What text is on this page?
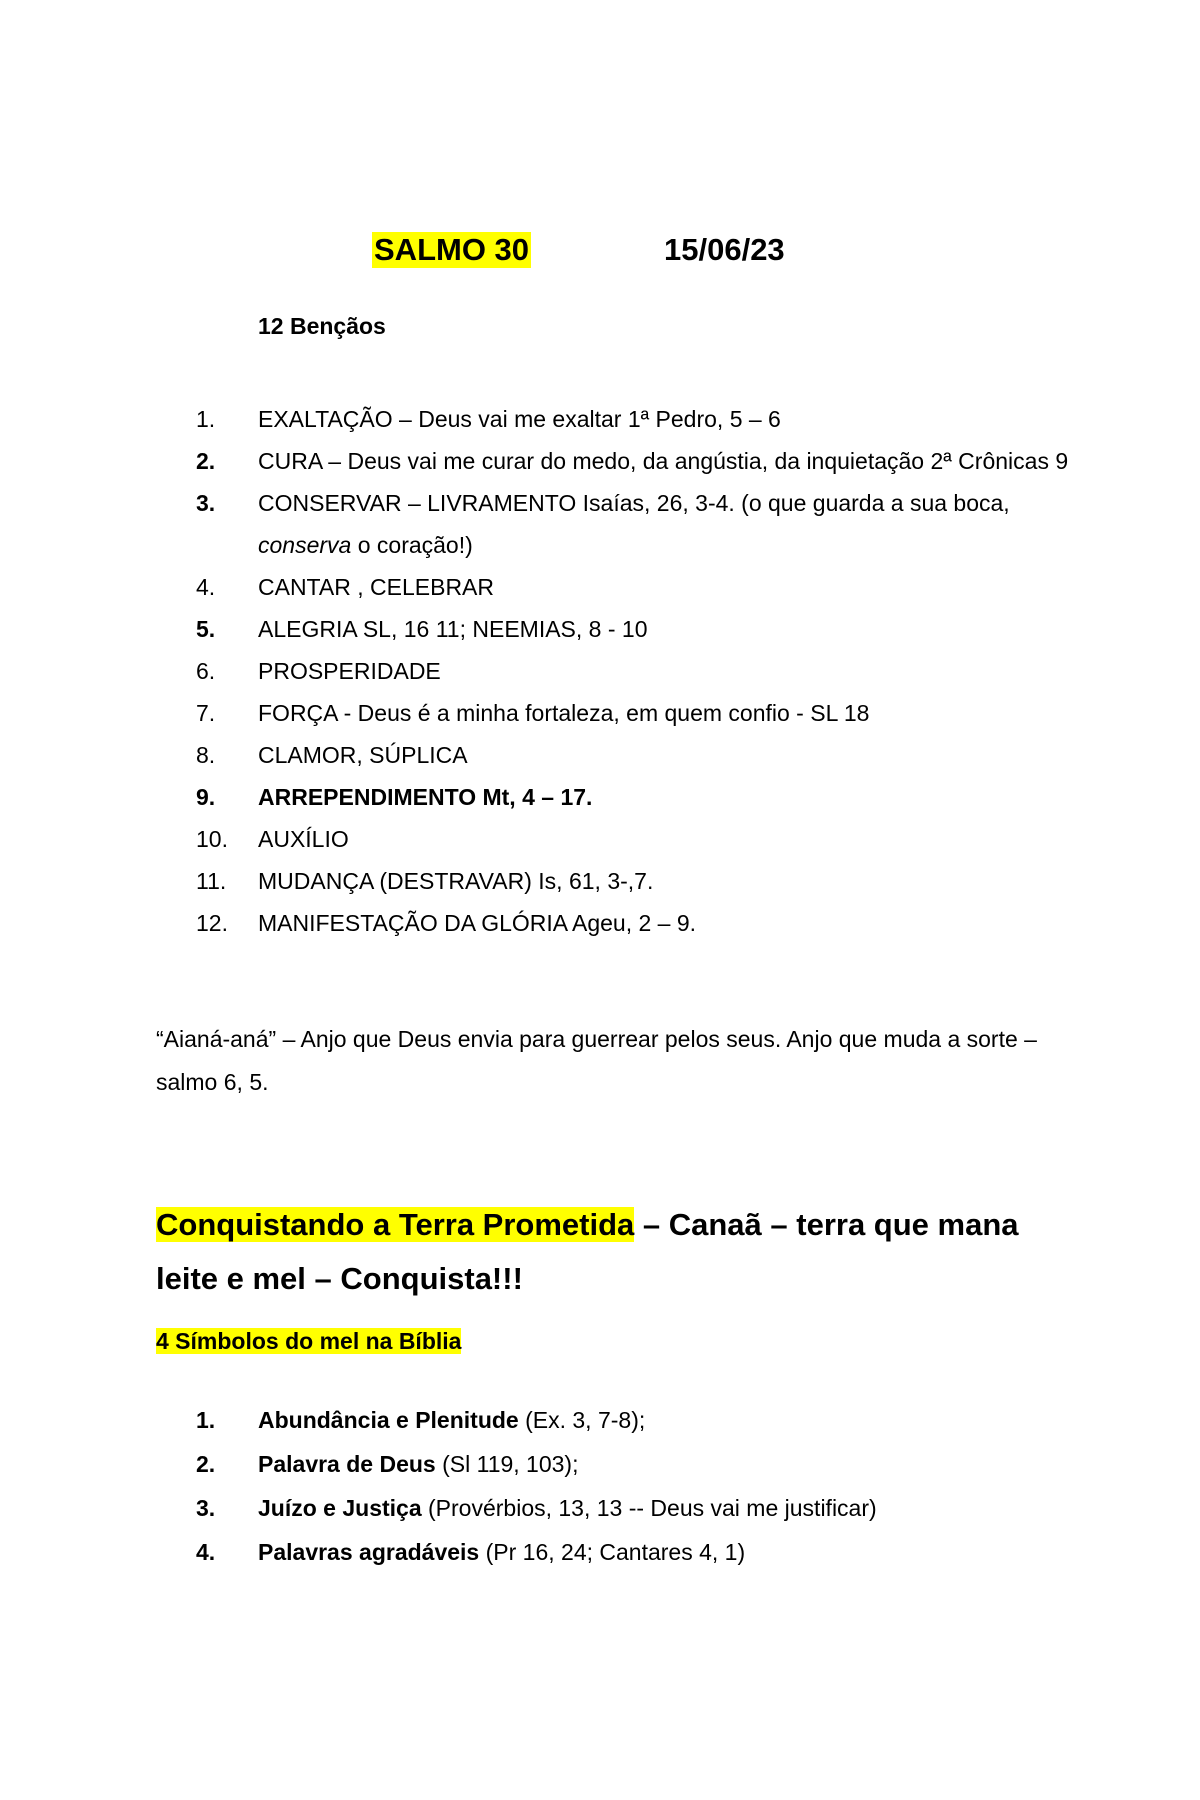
SALMO 30	15/06/23
12 Bençãos
1. EXALTAÇÃO – Deus vai me exaltar 1ª Pedro, 5 – 6
2. CURA – Deus vai me curar do medo, da angústia, da inquietação 2ª Crônicas 9
3. CONSERVAR – LIVRAMENTO Isaías, 26, 3-4. (o que guarda a sua boca, conserva o coração!)
4. CANTAR , CELEBRAR
5. ALEGRIA SL, 16 11; NEEMIAS, 8 - 10
6. PROSPERIDADE
7. FORÇA - Deus é a minha fortaleza, em quem confio - SL 18
8. CLAMOR, SÚPLICA
9. ARREPENDIMENTO Mt, 4 – 17.
10. AUXÍLIO
11. MUDANÇA (DESTRAVAR) Is, 61, 3-,7.
12. MANIFESTAÇÃO DA GLÓRIA Ageu, 2 – 9.
“Aianá-aná” – Anjo que Deus envia para guerrear pelos seus. Anjo que muda a sorte – salmo 6, 5.
Conquistando a Terra Prometida – Canaã – terra que mana leite e mel – Conquista!!!
4 Símbolos do mel na Bíblia
1. Abundância e Plenitude (Ex. 3, 7-8);
2. Palavra de Deus (Sl 119, 103);
3. Juízo e Justiça (Provérbios, 13, 13 -- Deus vai me justificar)
4. Palavras agradáveis (Pr 16, 24; Cantares 4, 1)
